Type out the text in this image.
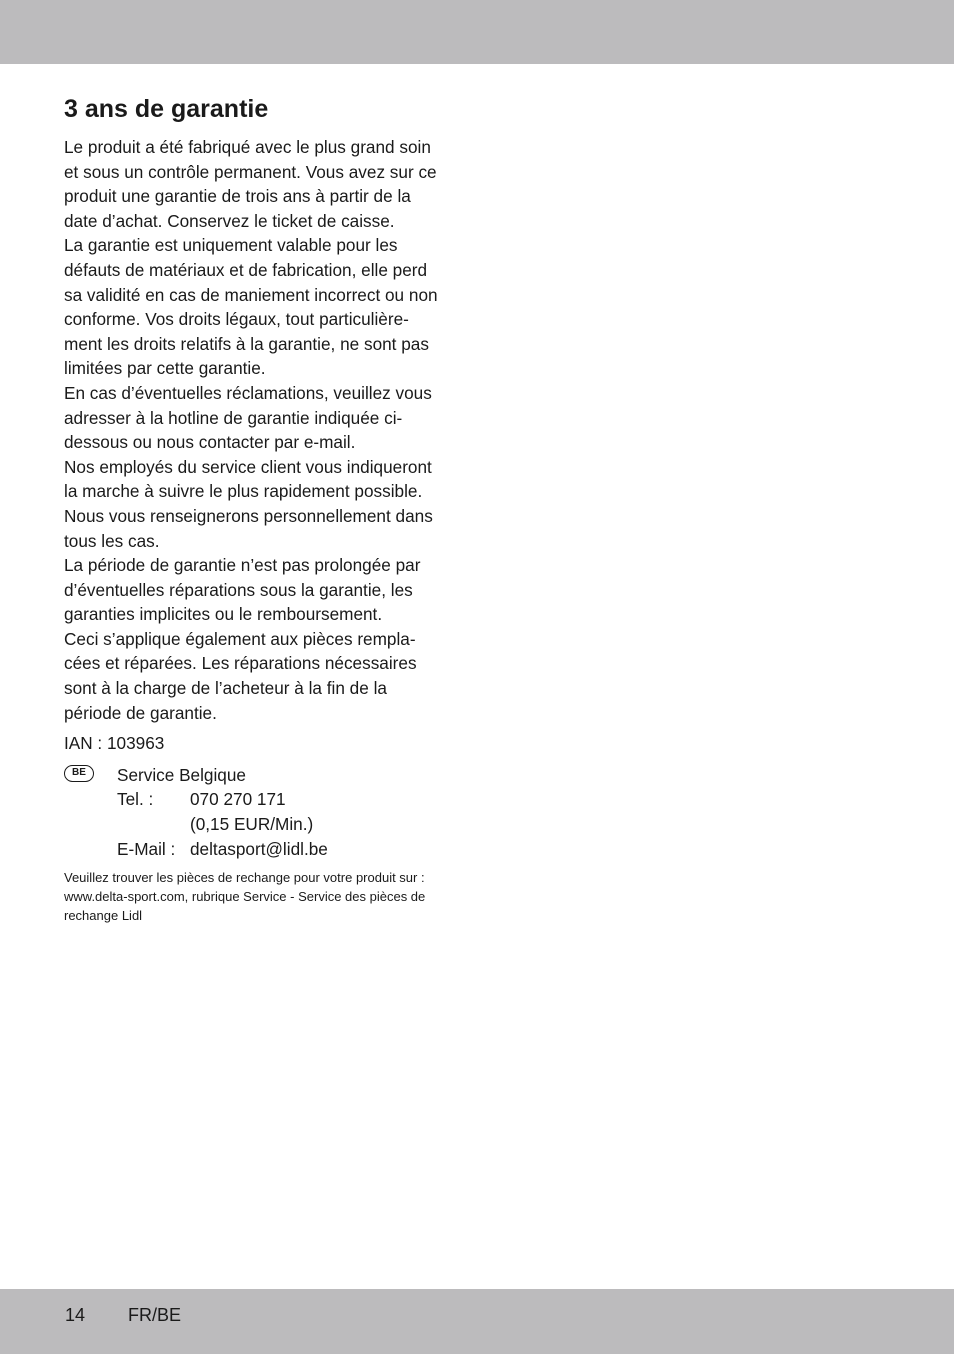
3 ans de garantie

Le produit a été fabriqué avec le plus grand soin
et sous un contrôle permanent. Vous avez sur ce
produit une garantie de trois ans à partir de la
date d’achat. Conservez le ticket de caisse.

La garantie est uniquement valable pour les
défauts de matériaux et de fabrication, elle perd
sa validité en cas de maniement incorrect ou non
conforme. Vos droits légaux, tout particulière-
ment les droits relatifs à la garantie, ne sont pas
limitées par cette garantie.

En cas d’éventuelles réclamations, veuillez vous
adresser à la hotline de garantie indiquée ci-
dessous ou nous contacter par e-mail.

Nos employés du service client vous indiqueront
la marche à suivre le plus rapidement possible.
Nous vous renseignerons personnellement dans
tous les cas.

La période de garantie n’est pas prolongée par
d’éventuelles réparations sous la garantie, les
garanties implicites ou le remboursement.

Ceci s’applique également aux pièces rempla-
cées et réparées. Les réparations nécessaires
sont à la charge de l’acheteur à la fin de la
période de garantie.

IAN : 103963

BE	Service Belgique
Tel. :	070 270 171
(0,15 EUR/Min.)
E-Mail : deltasport@lidl.be
Veuillez trouver les pièces de rechange pour votre produit sur :
www.delta-sport.com, rubrique Service - Service des pièces de
rechange Lidl
14 FR/BE
